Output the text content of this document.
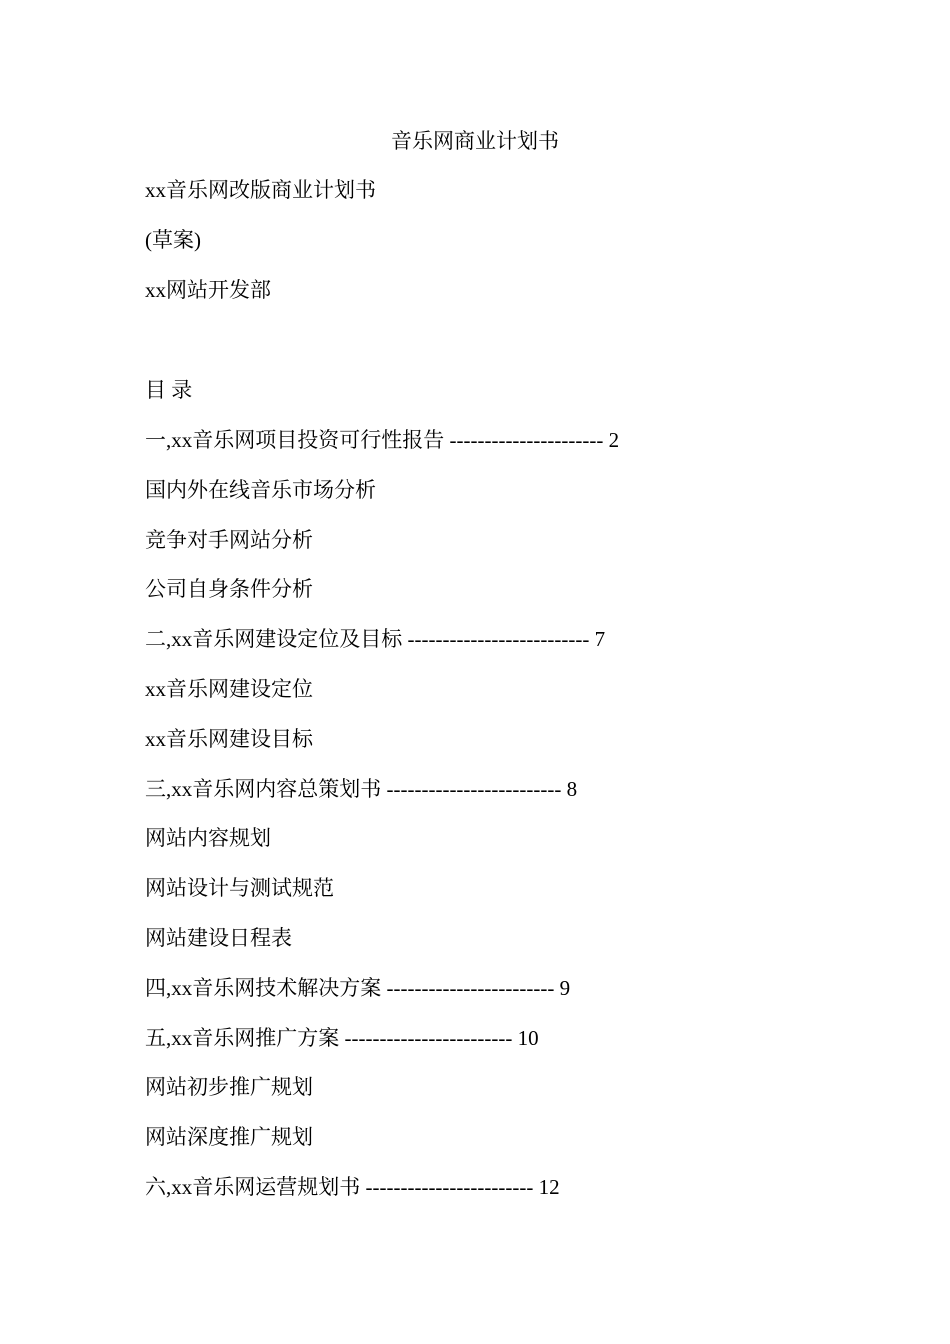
音乐网商业计划书
xx音乐网改版商业计划书
(草案)
xx网站开发部
目 录
一,xx音乐网项目投资可行性报告 ---------------------- 2
国内外在线音乐市场分析
竞争对手网站分析
公司自身条件分析
二,xx音乐网建设定位及目标 -------------------------- 7
xx音乐网建设定位
xx音乐网建设目标
三,xx音乐网内容总策划书 ------------------------- 8
网站内容规划
网站设计与测试规范
网站建设日程表
四,xx音乐网技术解决方案 ------------------------ 9
五,xx音乐网推广方案 ------------------------ 10
网站初步推广规划
网站深度推广规划
六,xx音乐网运营规划书 ------------------------ 12
